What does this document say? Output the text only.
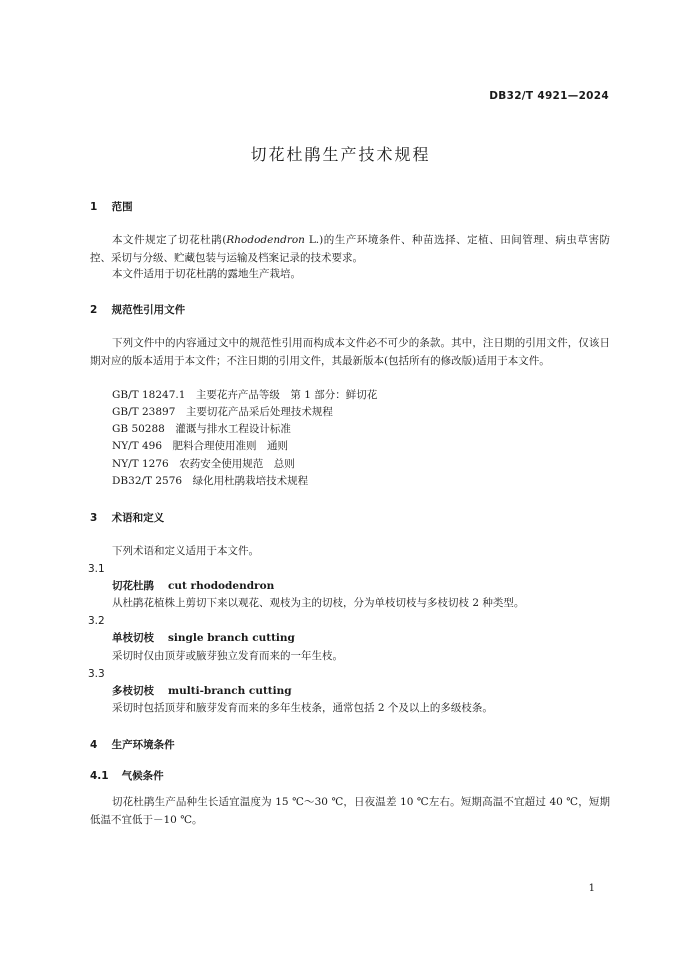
DB32/T 4921—2024
切花杜鹃生产技术规程
1 范围
本文件规定了切花杜鹃(Rhododendron L.)的生产环境条件、种苗选择、定植、田间管理、病虫草害防控、采切与分级、贮藏包装与运输及档案记录的技术要求。
本文件适用于切花杜鹃的露地生产栽培。
2 规范性引用文件
下列文件中的内容通过文中的规范性引用而构成本文件必不可少的条款。其中，注日期的引用文件，仅该日期对应的版本适用于本文件；不注日期的引用文件，其最新版本(包括所有的修改版)适用于本文件。
GB/T 18247.1　主要花卉产品等级　第 1 部分：鲜切花
GB/T 23897　主要切花产品采后处理技术规程
GB 50288　灌溉与排水工程设计标准
NY/T 496　肥料合理使用准则　通则
NY/T 1276　农药安全使用规范　总则
DB32/T 2576　绿化用杜鹃栽培技术规程
3 术语和定义
下列术语和定义适用于本文件。
3.1
切花杜鹃 cut rhododendron
从杜鹃花植株上剪切下来以观花、观枝为主的切枝，分为单枝切枝与多枝切枝 2 种类型。
3.2
单枝切枝 single branch cutting
采切时仅由顶芽或腋芽独立发育而来的一年生枝。
3.3
多枝切枝 multi-branch cutting
采切时包括顶芽和腋芽发育而来的多年生枝条，通常包括 2 个及以上的多级枝条。
4 生产环境条件
4.1 气候条件
切花杜鹃生产品种生长适宜温度为 15 ℃～30 ℃，日夜温差 10 ℃左右。短期高温不宜超过 40 ℃，短期低温不宜低于－10 ℃。
1
